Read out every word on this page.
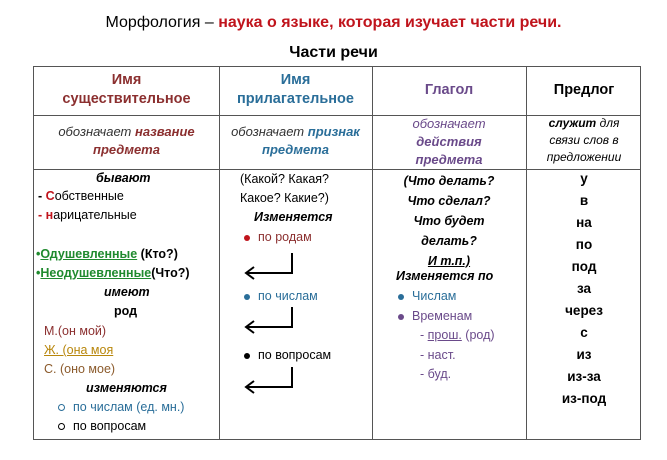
Морфология – наука о языке, которая изучает части речи.
Части речи
Имя
существительное
Имя
прилагательное
Глагол	Предлог
обозначает название
предмета
обозначает признак
предмета
обозначает
действия
предмета
служит для
связи слов в
предложении
бывают
- Собственные
- нарицательные
•Одушевленные (Кто?)
•Неодушевленные(Что?)
имеют
род
М.(он мой)
Ж. (она моя
С. (оно мое)
изменяются
по числам (ед. мн.)
по вопросам
(Какой? Какая?
Какое? Какие?)
Изменяется
по родам
по числам
по вопросам
(Что делать?
Что сделал?
Что будет
делать?
И т.п.)
Изменяется по
Числам
Временам
- прош. (род)
- наст.
- буд.
у
в
на
по
под
за
через
с
из
из-за
из-под
